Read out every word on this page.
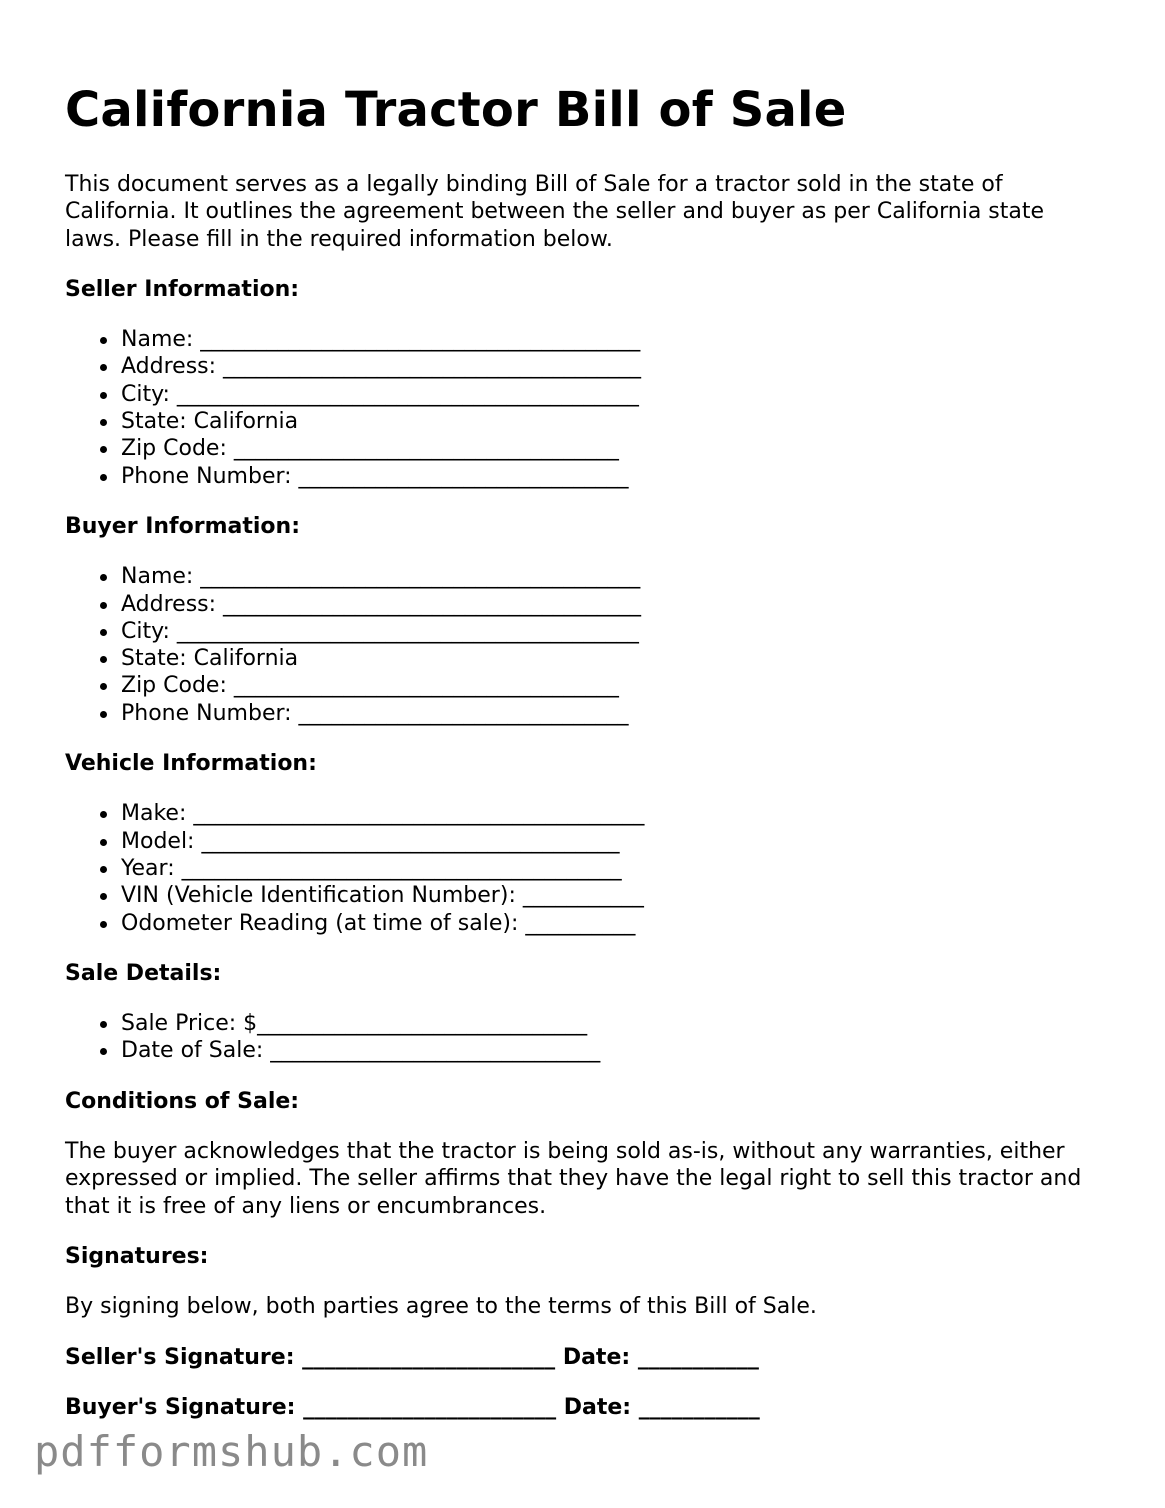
California Tractor Bill of Sale

This document serves as a legally binding Bill of Sale for a tractor sold in the state of California. It outlines the agreement between the seller and buyer as per California state laws. Please fill in the required information below.

Seller Information:
Name: ________________________________________
Address: ______________________________________
City: __________________________________________
State: California
Zip Code: ___________________________________
Phone Number: ______________________________
Buyer Information:
Name: ________________________________________
Address: ______________________________________
City: __________________________________________
State: California
Zip Code: ___________________________________
Phone Number: ______________________________
Vehicle Information:
Make: _________________________________________
Model: ______________________________________
Year: ________________________________________
VIN (Vehicle Identification Number): ___________
Odometer Reading (at time of sale): __________
Sale Details:
Sale Price: $______________________________
Date of Sale: ______________________________
Conditions of Sale:

The buyer acknowledges that the tractor is being sold as-is, without any warranties, either expressed or implied. The seller affirms that they have the legal right to sell this tractor and that it is free of any liens or encumbrances.

Signatures:

By signing below, both parties agree to the terms of this Bill of Sale.

Seller's Signature: _______________________ Date: ___________
Buyer's Signature: _______________________ Date: ___________
pdfformshub.com
